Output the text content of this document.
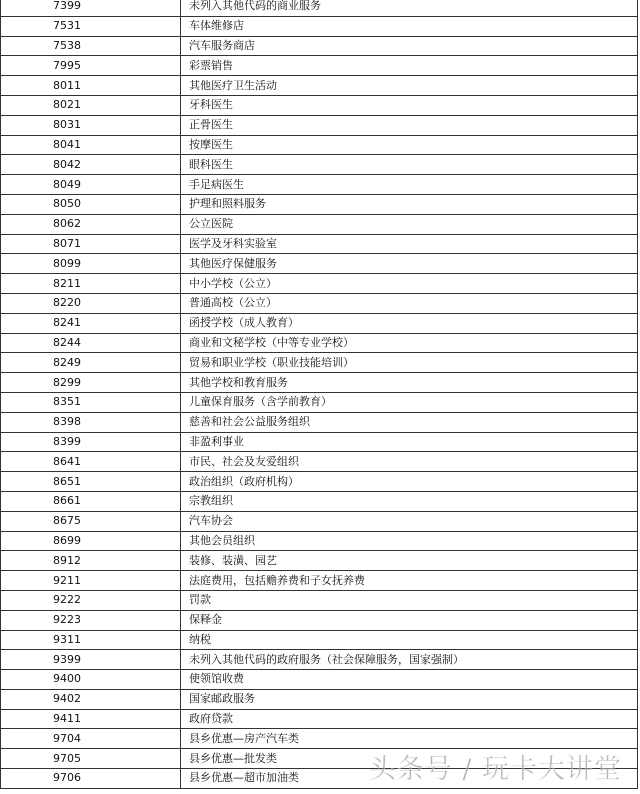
7399	未列入其他代码的商业服务
7531	车体维修店
7538	汽车服务商店
7995	彩票销售
8011	其他医疗卫生活动
8021	牙科医生
8031	正骨医生
8041	按摩医生
8042	眼科医生
8049	手足病医生
8050	护理和照料服务
8062	公立医院
8071	医学及牙科实验室
8099	其他医疗保健服务
8211	中小学校（公立）
8220	普通高校（公立）
8241	函授学校（成人教育）
8244	商业和文秘学校（中等专业学校）
8249	贸易和职业学校（职业技能培训）
8299	其他学校和教育服务
8351	儿童保育服务（含学前教育）
8398	慈善和社会公益服务组织
8399	非盈利事业
8641	市民、社会及友爱组织
8651	政治组织（政府机构）
8661	宗教组织
8675	汽车协会
8699	其他会员组织
8912	装修、装潢、园艺
9211	法庭费用，包括赡养费和子女抚养费
9222	罚款
9223	保释金
9311	纳税
9399	未列入其他代码的政府服务（社会保障服务，国家强制）
9400	使领馆收费
9402	国家邮政服务
9411	政府贷款
9704	县乡优惠—房产汽车类
9705	县乡优惠—批发类
9706	县乡优惠—超市加油类	头条号 / 玩卡大讲堂
